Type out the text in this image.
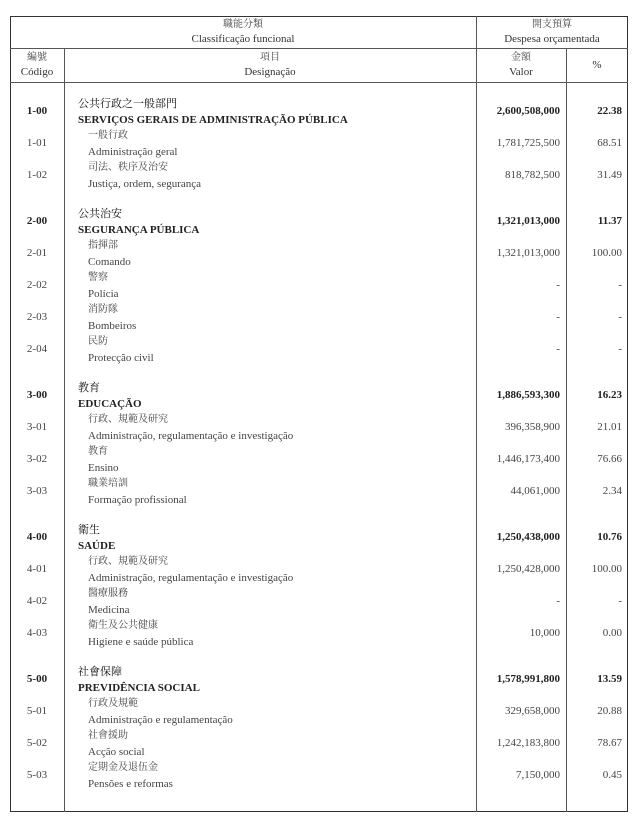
職能分類
Classificação funcional
開支預算
Despesa orçamentada
編號
Código
項目
Designação
金額
Valor
%
1-00
公共行政之一般部門
SERVIÇOS GERAIS DE ADMINISTRAÇÃO PÚBLICA
2,600,508,000	22.38
1-01
一般行政
Administração geral
1,781,725,500	68.51
1-02
司法、秩序及治安
Justiça, ordem, segurança
818,782,500	31.49
2-00
公共治安
SEGURANÇA PÚBLICA
1,321,013,000	11.37
2-01
指揮部
Comando
1,321,013,000	100.00
2-02
警察
Polícia
-	-
2-03
消防隊
Bombeiros
-	-
2-04
民防
Protecção civil
-	-
3-00
教育
EDUCAÇÃO
1,886,593,300	16.23
3-01
行政、規範及研究
Administração, regulamentação e investigação
396,358,900	21.01
3-02
教育
Ensino
1,446,173,400	76.66
3-03
職業培訓
Formação profissional
44,061,000	2.34
4-00
衛生
SAÚDE
1,250,438,000	10.76
4-01
行政、規範及研究
Administração, regulamentação e investigação
1,250,428,000	100.00
4-02
醫療服務
Medicina
-	-
4-03
衛生及公共健康
Higiene e saúde pública
10,000	0.00
5-00
社會保障
PREVIDÊNCIA SOCIAL
1,578,991,800	13.59
5-01
行政及規範
Administração e regulamentação
329,658,000	20.88
5-02
社會援助
Acção social
1,242,183,800	78.67
5-03
定期金及退伍金
Pensões e reformas
7,150,000	0.45
